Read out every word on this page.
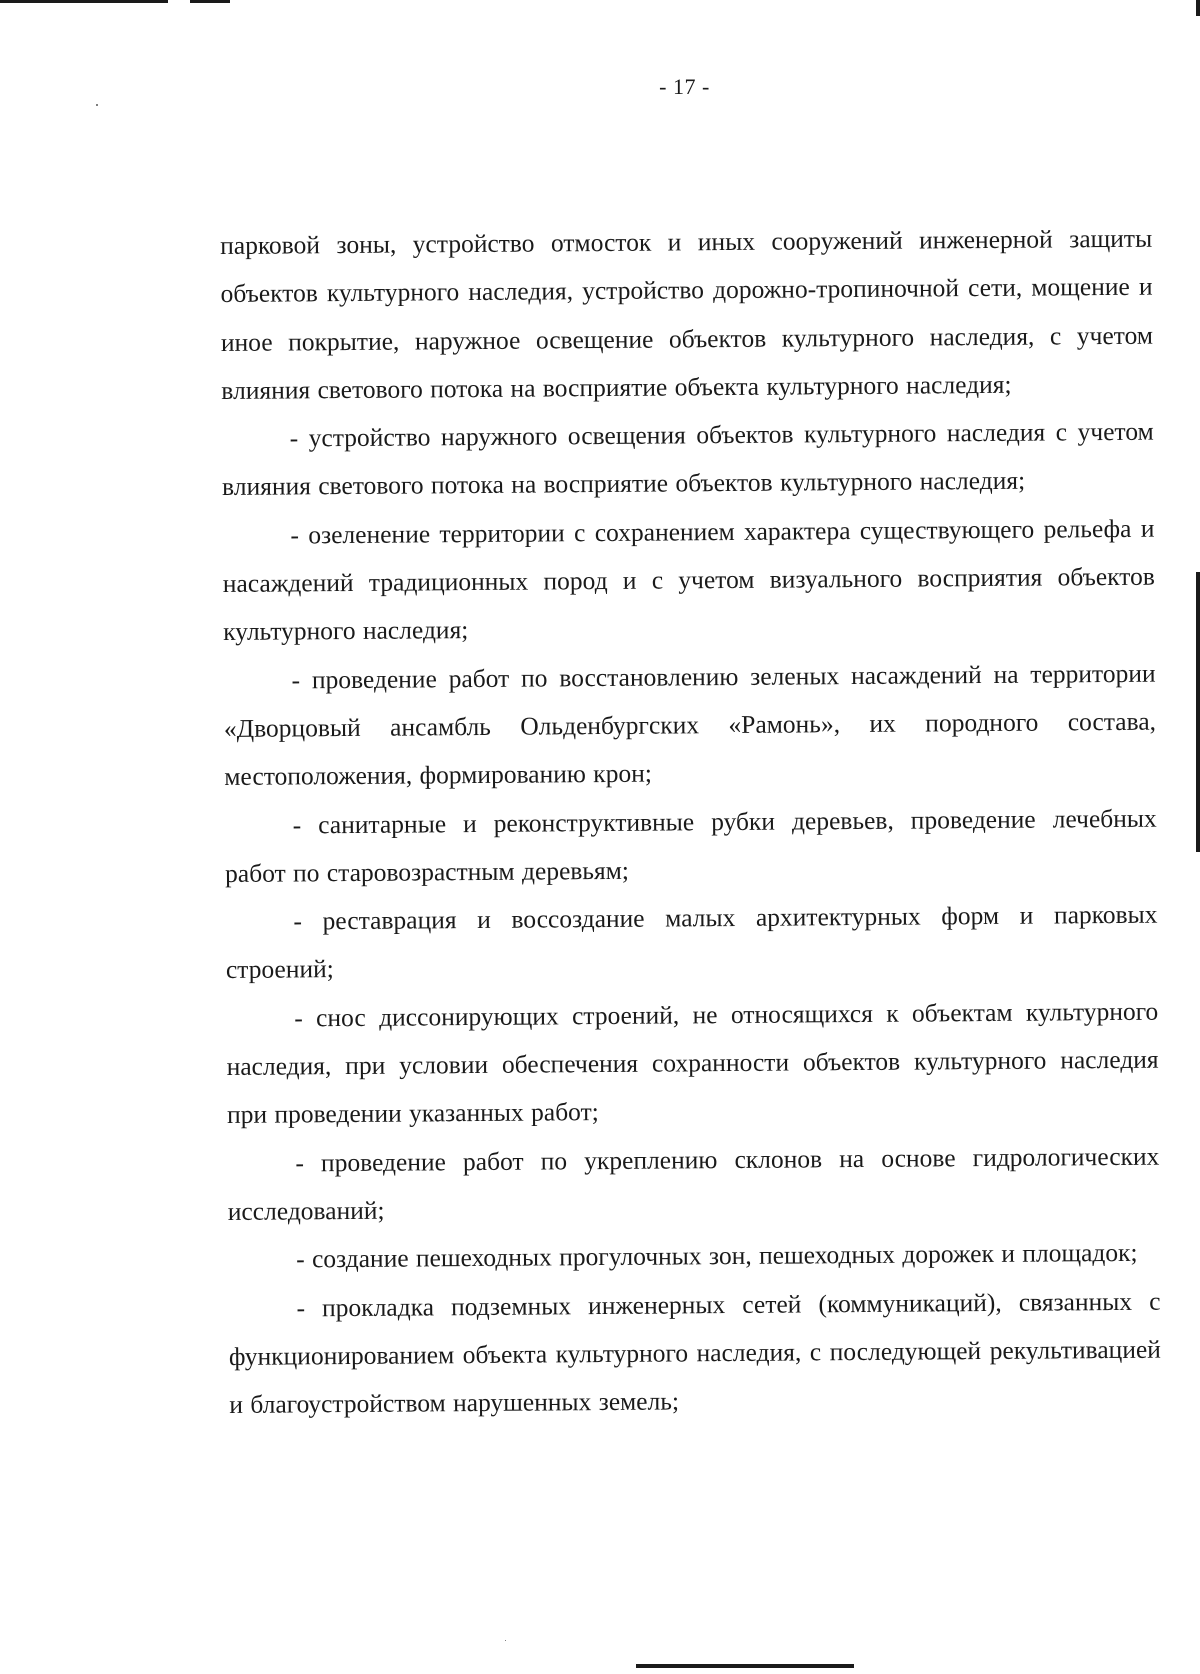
- 17 -

парковой зоны, устройство отмосток и иных сооружений инженерной защиты объектов культурного наследия, устройство дорожно-тропиночной сети, мощение и иное покрытие, наружное освещение объектов культурного наследия, с учетом влияния светового потока на восприятие объекта культурного наследия;

- устройство наружного освещения объектов культурного наследия с учетом влияния светового потока на восприятие объектов культурного наследия;

- озеленение территории с сохранением характера существующего рельефа и насаждений традиционных пород и с учетом визуального восприятия объектов культурного наследия;

- проведение работ по восстановлению зеленых насаждений на территории «Дворцовый ансамбль Ольденбургских «Рамонь», их породного состава, местоположения, формированию крон;

- санитарные и реконструктивные рубки деревьев, проведение лечебных работ по старовозрастным деревьям;

- реставрация и воссоздание малых архитектурных форм и парковых строений;

- снос диссонирующих строений, не относящихся к объектам культурного наследия, при условии обеспечения сохранности объектов культурного наследия при проведении указанных работ;

- проведение работ по укреплению склонов на основе гидрологических исследований;

- создание пешеходных прогулочных зон, пешеходных дорожек и площадок;

- прокладка подземных инженерных сетей (коммуникаций), связанных с функционированием объекта культурного наследия, с последующей рекультивацией и благоустройством нарушенных земель;
